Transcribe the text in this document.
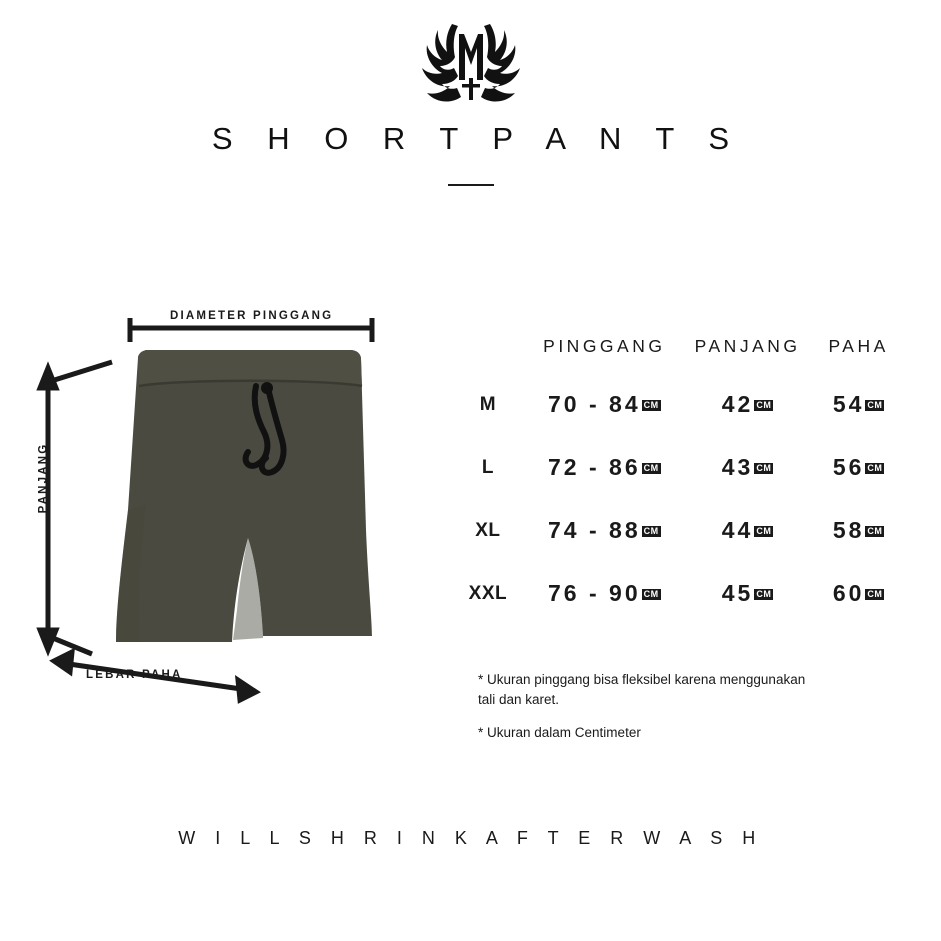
S H O R T P A N T S
DIAMETER PINGGANG
PANJANG
LEBAR PAHA
	PINGGANG	PANJANG	PAHA
M	70 - 84 CM	42 CM	54 CM
L	72 - 86 CM	43 CM	56 CM
XL	74 - 88 CM	44 CM	58 CM
XXL	76 - 90 CM	45 CM	60 CM
* Ukuran pinggang bisa fleksibel karena menggunakan tali dan karet.
* Ukuran dalam Centimeter
W I L L S H R I N K A F T E R W A S H
